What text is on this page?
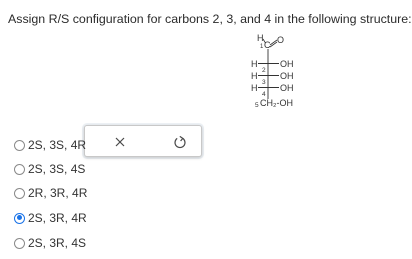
Assign R/S configuration for carbons 2, 3, and 4 in the following structure:
H
1 C O
H
2
OH
H
3
OH
H
4
OH
5 CH₂-OH
2S, 3S, 4R
2S, 3S, 4S
2R, 3R, 4R
2S, 3R, 4R
2S, 3R, 4S
